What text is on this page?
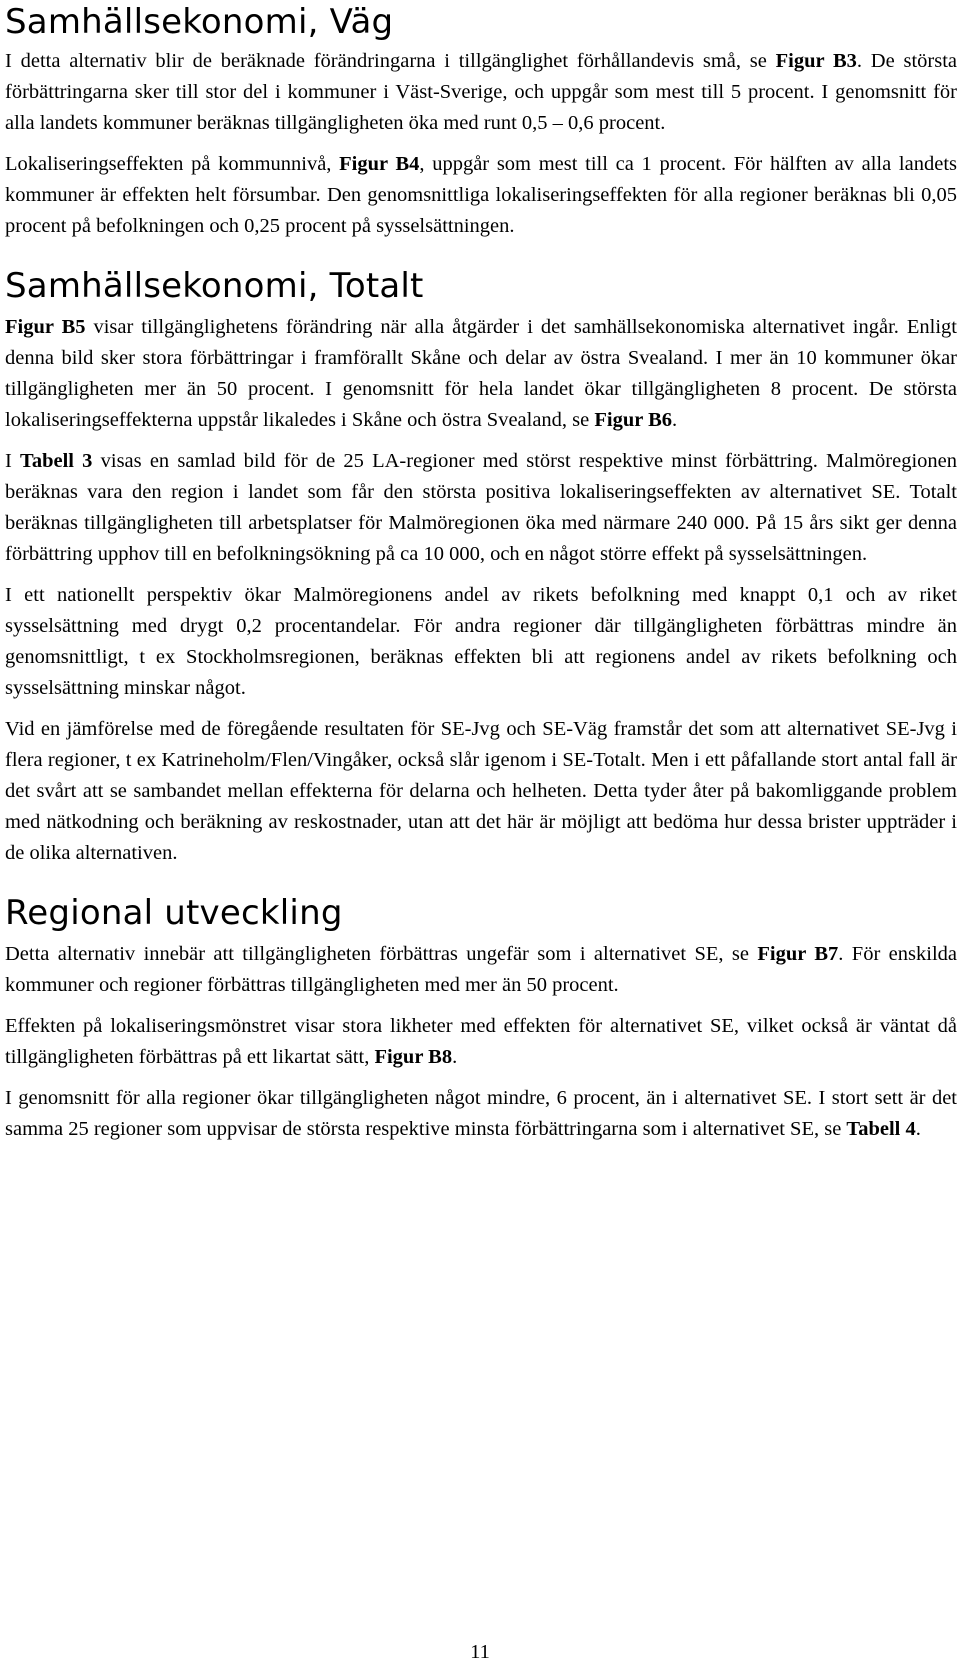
Samhällsekonomi, Väg

I detta alternativ blir de beräknade förändringarna i tillgänglighet förhållandevis små, se Figur B3. De största förbättringarna sker till stor del i kommuner i Väst-Sverige, och uppgår som mest till 5 procent. I genomsnitt för alla landets kommuner beräknas tillgängligheten öka med runt 0,5 – 0,6 procent.

Lokaliseringseffekten på kommunnivå, Figur B4, uppgår som mest till ca 1 procent. För hälften av alla landets kommuner är effekten helt försumbar. Den genomsnittliga lokaliseringseffekten för alla regioner beräknas bli 0,05 procent på befolkningen och 0,25 procent på sysselsättningen.

Samhällsekonomi, Totalt

Figur B5 visar tillgänglighetens förändring när alla åtgärder i det samhällsekonomiska alternativet ingår. Enligt denna bild sker stora förbättringar i framförallt Skåne och delar av östra Svealand. I mer än 10 kommuner ökar tillgängligheten mer än 50 procent. I genomsnitt för hela landet ökar tillgängligheten 8 procent. De största lokaliseringseffekterna uppstår likaledes i Skåne och östra Svealand, se Figur B6.

I Tabell 3 visas en samlad bild för de 25 LA-regioner med störst respektive minst förbättring. Malmöregionen beräknas vara den region i landet som får den största positiva lokaliseringseffekten av alternativet SE. Totalt beräknas tillgängligheten till arbetsplatser för Malmöregionen öka med närmare 240 000. På 15 års sikt ger denna förbättring upphov till en befolkningsökning på ca 10 000, och en något större effekt på sysselsättningen.

I ett nationellt perspektiv ökar Malmöregionens andel av rikets befolkning med knappt 0,1 och av riket sysselsättning med drygt 0,2 procentandelar. För andra regioner där tillgängligheten förbättras mindre än genomsnittligt, t ex Stockholmsregionen, beräknas effekten bli att regionens andel av rikets befolkning och sysselsättning minskar något.

Vid en jämförelse med de föregående resultaten för SE-Jvg och SE-Väg framstår det som att alternativet SE-Jvg i flera regioner, t ex Katrineholm/Flen/Vingåker, också slår igenom i SE-Totalt. Men i ett påfallande stort antal fall är det svårt att se sambandet mellan effekterna för delarna och helheten. Detta tyder åter på bakomliggande problem med nätkodning och beräkning av reskostnader, utan att det här är möjligt att bedöma hur dessa brister uppträder i de olika alternativen.

Regional utveckling

Detta alternativ innebär att tillgängligheten förbättras ungefär som i alternativet SE, se Figur B7. För enskilda kommuner och regioner förbättras tillgängligheten med mer än 50 procent.

Effekten på lokaliseringsmönstret visar stora likheter med effekten för alternativet SE, vilket också är väntat då tillgängligheten förbättras på ett likartat sätt, Figur B8.

I genomsnitt för alla regioner ökar tillgängligheten något mindre, 6 procent, än i alternativet SE. I stort sett är det samma 25 regioner som uppvisar de största respektive minsta förbättringarna som i alternativet SE, se Tabell 4.

11
